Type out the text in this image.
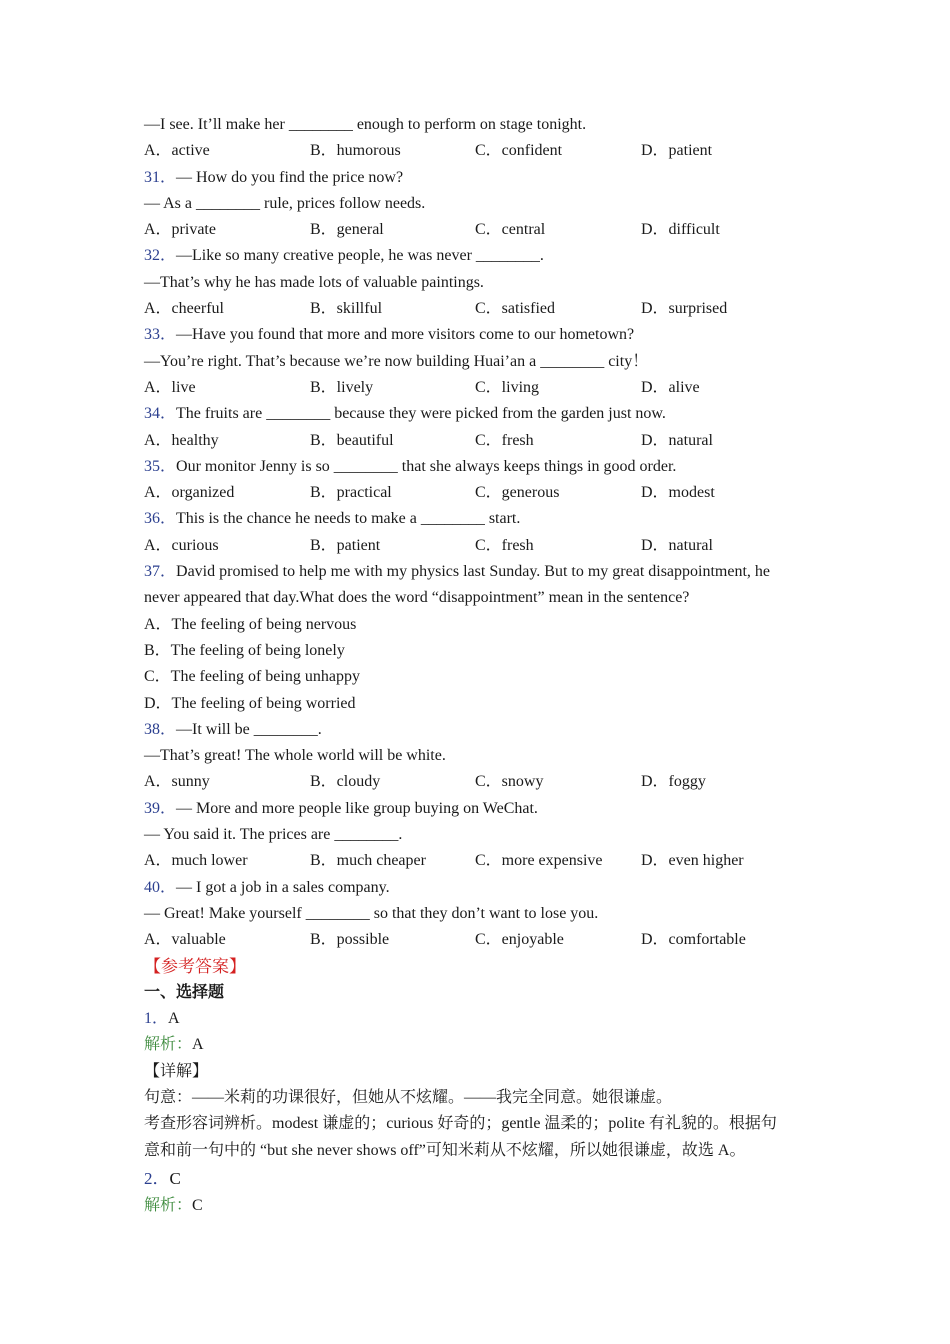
—I see. It’ll make her ________ enough to perform on stage tonight.
A．active	B．humorous	C．confident	D．patient
31．— How do you find the price now?
— As a ________ rule, prices follow needs.
A．private	B．general	C．central	D．difficult
32．—Like so many creative people, he was never ________.
—That’s why he has made lots of valuable paintings.
A．cheerful	B．skillful	C．satisfied	D．surprised
33．—Have you found that more and more visitors come to our hometown?
—You’re right. That’s because we’re now building Huai’an a ________ city！
A．live	B．lively	C．living	D．alive
34．The fruits are ________ because they were picked from the garden just now.
A．healthy	B．beautiful	C．fresh	D．natural
35．Our monitor Jenny is so ________ that she always keeps things in good order.
A．organized	B．practical	C．generous	D．modest
36．This is the chance he needs to make a ________ start.
A．curious	B．patient	C．fresh	D．natural
37．David promised to help me with my physics last Sunday. But to my great disappointment, he
never appeared that day.What does the word “disappointment” mean in the sentence?
A．The feeling of being nervous
B．The feeling of being lonely
C．The feeling of being unhappy
D．The feeling of being worried
38．—It will be ________.
—That’s great! The whole world will be white.
A．sunny	B．cloudy	C．snowy	D．foggy
39．— More and more people like group buying on WeChat.
— You said it. The prices are ________.
A．much lower	B．much cheaper	C．more expensive D．even higher
40．— I got a job in a sales company.
— Great! Make yourself ________ so that they don’t want to lose you.
A．valuable	B．possible	C．enjoyable	D．comfortable
【参考答案】
一、选择题
1．A
解析：A
【详解】
句意：——米莉的功课很好，但她从不炫耀。——我完全同意。她很谦虚。
考查形容词辨析。modest 谦虚的；curious 好奇的；gentle 温柔的；polite 有礼貌的。根据句
意和前一句中的 “but she never shows off”可知米莉从不炫耀，所以她很谦虚，故选 A。
2．C
解析：C
